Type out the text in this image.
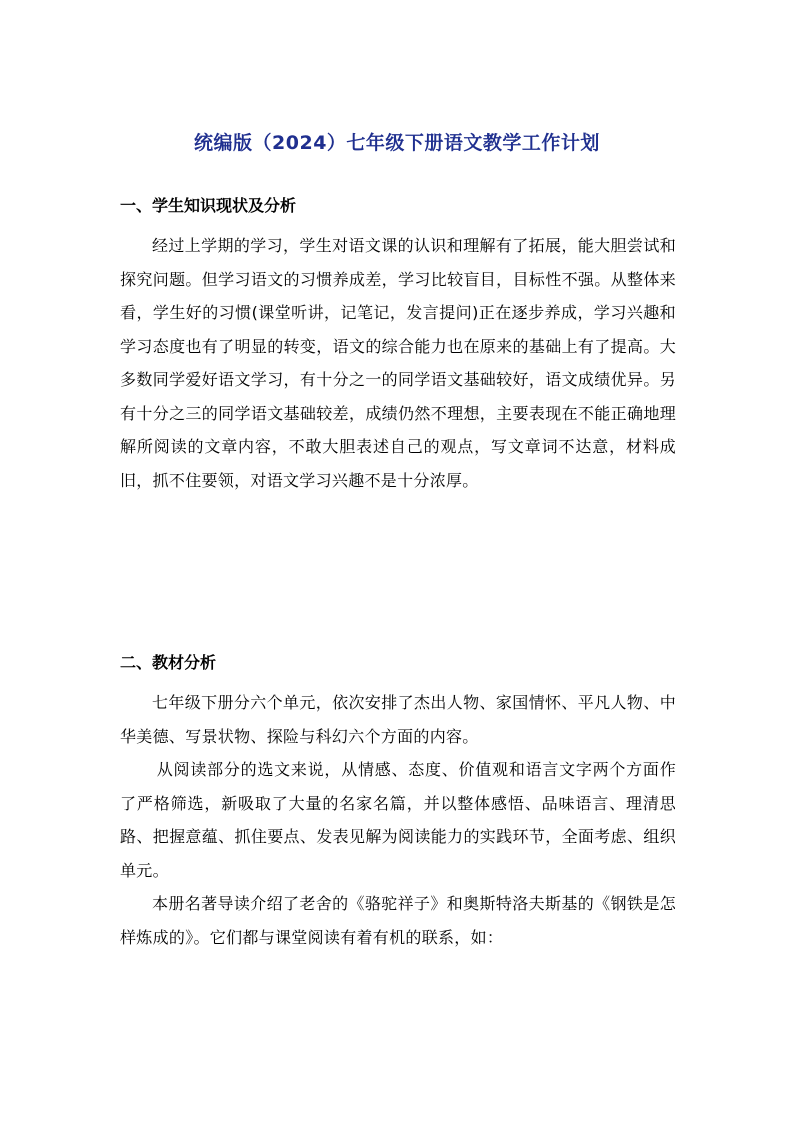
统编版（2024）七年级下册语文教学工作计划
一、学生知识现状及分析

经过上学期的学习，学生对语文课的认识和理解有了拓展，能大胆尝试和探究问题。但学习语文的习惯养成差，学习比较盲目，目标性不强。从整体来看，学生好的习惯(课堂听讲，记笔记，发言提问)正在逐步养成，学习兴趣和学习态度也有了明显的转变，语文的综合能力也在原来的基础上有了提高。大多数同学爱好语文学习，有十分之一的同学语文基础较好，语文成绩优异。另有十分之三的同学语文基础较差，成绩仍然不理想，主要表现在不能正确地理解所阅读的文章内容，不敢大胆表述自己的观点，写文章词不达意，材料成旧，抓不住要领，对语文学习兴趣不是十分浓厚。

二、教材分析

七年级下册分六个单元，依次安排了杰出人物、家国情怀、平凡人物、中华美德、写景状物、探险与科幻六个方面的内容。

从阅读部分的选文来说，从情感、态度、价值观和语言文字两个方面作了严格筛选，新吸取了大量的名家名篇，并以整体感悟、品味语言、理清思路、把握意蕴、抓住要点、发表见解为阅读能力的实践环节，全面考虑、组织单元。

本册名著导读介绍了老舍的《骆驼祥子》和奥斯特洛夫斯基的《钢铁是怎样炼成的》。它们都与课堂阅读有着有机的联系，如：
